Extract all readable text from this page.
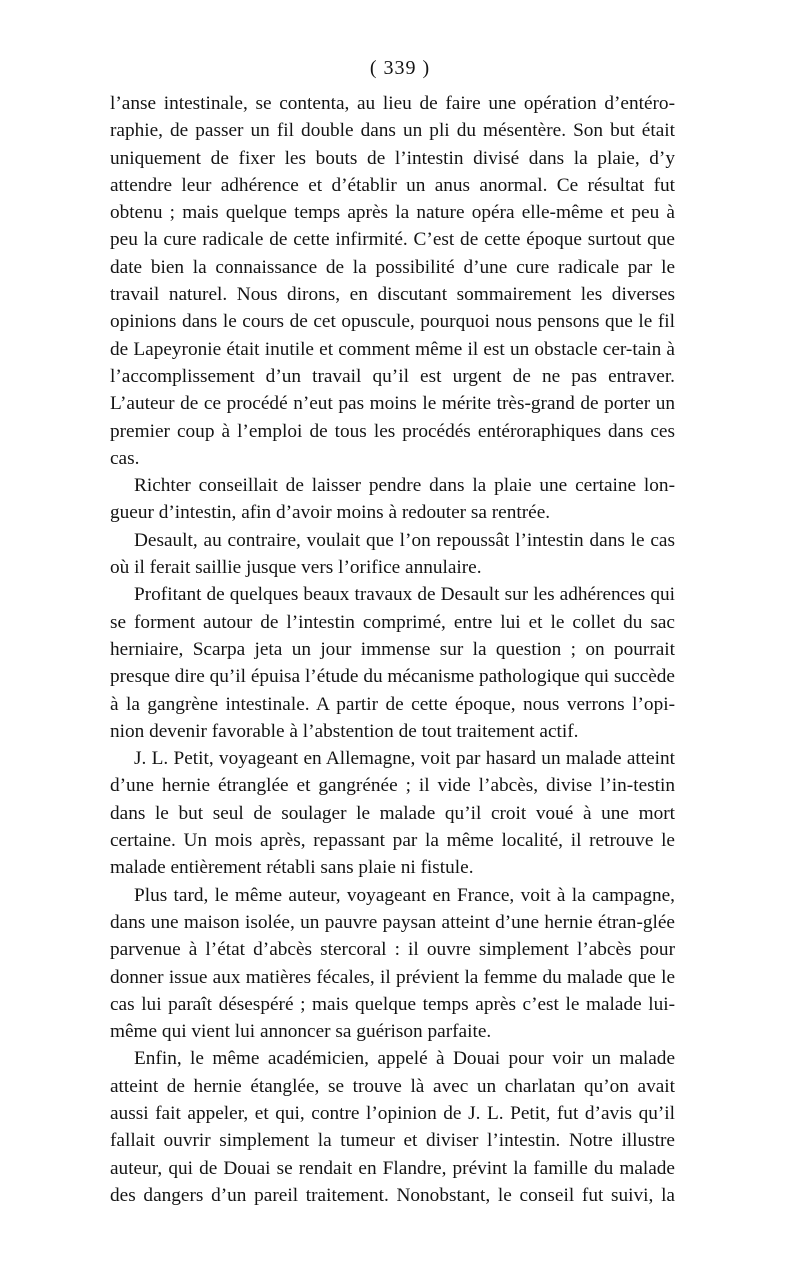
( 339 )

l’anse intestinale, se contenta, au lieu de faire une opération d’entéro-raphie, de passer un fil double dans un pli du mésentère. Son but était uniquement de fixer les bouts de l’intestin divisé dans la plaie, d’y attendre leur adhérence et d’établir un anus anormal. Ce résultat fut obtenu ; mais quelque temps après la nature opéra elle-même et peu à peu la cure radicale de cette infirmité. C’est de cette époque surtout que date bien la connaissance de la possibilité d’une cure radicale par le travail naturel. Nous dirons, en discutant sommairement les diverses opinions dans le cours de cet opuscule, pourquoi nous pensons que le fil de Lapeyronie était inutile et comment même il est un obstacle cer-tain à l’accomplissement d’un travail qu’il est urgent de ne pas entraver. L’auteur de ce procédé n’eut pas moins le mérite très-grand de porter un premier coup à l’emploi de tous les procédés entéroraphiques dans ces cas.

Richter conseillait de laisser pendre dans la plaie une certaine lon-gueur d’intestin, afin d’avoir moins à redouter sa rentrée.

Desault, au contraire, voulait que l’on repoussât l’intestin dans le cas où il ferait saillie jusque vers l’orifice annulaire.

Profitant de quelques beaux travaux de Desault sur les adhérences qui se forment autour de l’intestin comprimé, entre lui et le collet du sac herniaire, Scarpa jeta un jour immense sur la question ; on pourrait presque dire qu’il épuisa l’étude du mécanisme pathologique qui succède à la gangrène intestinale. A partir de cette époque, nous verrons l’opi-nion devenir favorable à l’abstention de tout traitement actif.

J. L. Petit, voyageant en Allemagne, voit par hasard un malade atteint d’une hernie étranglée et gangrénée ; il vide l’abcès, divise l’in-testin dans le but seul de soulager le malade qu’il croit voué à une mort certaine. Un mois après, repassant par la même localité, il retrouve le malade entièrement rétabli sans plaie ni fistule.

Plus tard, le même auteur, voyageant en France, voit à la campagne, dans une maison isolée, un pauvre paysan atteint d’une hernie étran-glée parvenue à l’état d’abcès stercoral : il ouvre simplement l’abcès pour donner issue aux matières fécales, il prévient la femme du malade que le cas lui paraît désespéré ; mais quelque temps après c’est le malade lui-même qui vient lui annoncer sa guérison parfaite.

Enfin, le même académicien, appelé à Douai pour voir un malade atteint de hernie étanglée, se trouve là avec un charlatan qu’on avait aussi fait appeler, et qui, contre l’opinion de J. L. Petit, fut d’avis qu’il fallait ouvrir simplement la tumeur et diviser l’intestin. Notre illustre auteur, qui de Douai se rendait en Flandre, prévint la famille du malade des dangers d’un pareil traitement. Nonobstant, le conseil fut suivi, la
